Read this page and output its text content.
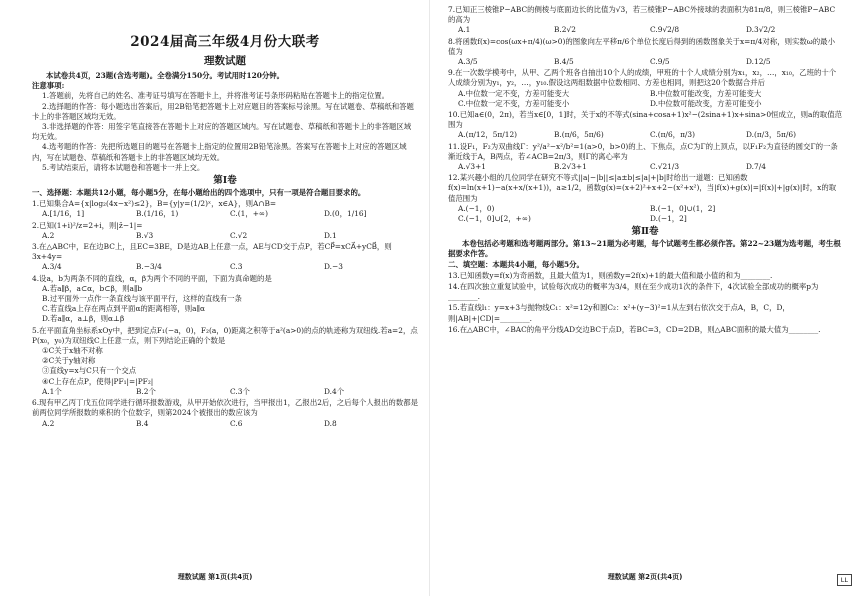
2024届高三年级4月份大联考
理数试题
本试卷共4页，23题(含选考题)。全卷满分150分。考试用时120分钟。
注意事项:
1.答题前，先将自己的姓名、准考证号填写在答题卡上，并将准考证号条形码粘贴在答题卡上的指定位置。
2.选择题的作答：每小题选出答案后，用2B铅笔把答题卡上对应题目的答案标号涂黑。写在试题卷、草稿纸和答题卡上的非答题区域均无效。
3.非选择题的作答：用签字笔直接答在答题卡上对应的答题区域内。写在试题卷、草稿纸和答题卡上的非答题区域均无效。
4.选考题的作答：先把所选题目的题号在答题卡上指定的位置用2B铅笔涂黑。答案写在答题卡上对应的答题区域内，写在试题卷、草稿纸和答题卡上的非答题区域均无效。
5.考试结束后，请将本试题卷和答题卡一并上交。
第Ⅰ卷
一、选择题：本题共12小题，每小题5分，在每小题给出的四个选项中，只有一项是符合题目要求的。
1.已知集合A={x|log₂(4x−x²)≤2}，B={y|y=(1/2)ˣ，x∈A}，则A∩B=
A.[1/16，1]	B.(1/16，1)	C.(1，+∞)	D.(0，1/16]
2.已知(1+i)²/z=2+i，则|z̄−1|=
A.2	B.√3	C.√2	D.1
3.在△ABC中，E在边BC上，且EC=3BE，D是边AB上任意一点，AE与CD交于点P，若CP⃗=xCA⃗+yCB⃗，则3x+4y=
A.3/4	B.−3/4	C.3	D.−3
4.设a，b为两条不同的直线，α，β为两个不同的平面，下面为真命题的是
A.若a∥β，a⊂α，b⊂β，则a∥b
B.过平面外一点作一条直线与该平面平行，这样的直线有一条
C.若直线a上存在两点到平面α的距离相等，则a∥α
D.若a∥α，a⊥β，则α⊥β
5.在平面直角坐标系xOy中，把到定点F₁(−a，0)，F₂(a，0)距离之积等于a²(a>0)的点的轨迹称为双纽线.若a=2，点P(x₀，y₀)为双纽线C上任意一点，则下列结论正确的个数是
①C关于x轴不对称
②C关于y轴对称
③直线y=x与C只有一个交点
④C上存在点P，使得|PF₁|=|PF₂|
A.1个	B.2个	C.3个	D.4个
6.现有甲乙丙丁戊五位同学进行循环报数游戏，从甲开始依次进行，当甲报出1，乙报出2后，之后每个人报出的数都是前两位同学所报数的乘积的个位数字，则第2024个被报出的数应该为
A.2	B.4	C.6	D.8
理数试题 第1页(共4页)
7.已知正三棱锥P−ABC的侧棱与底面边长的比值为√3，若三棱锥P−ABC外接球的表面积为81π/8，则三棱锥P−ABC的高为
A.1	B.2√2	C.9√2/8	D.3√2/2
8.将函数f(x)=cos(ωx+π/4)(ω>0)的图象向左平移π/6个单位长度后得到的函数图象关于x=π/4对称，则实数ω的最小值为
A.3/5	B.4/5	C.9/5	D.12/5
9.在一次数学模考中，从甲、乙两个班各自抽出10个人的成绩，甲班的十个人成绩分别为x₁，x₂，…，x₁₀，乙班的十个人成绩分别为y₁，y₂，…，y₁₀.假设这两组数据中位数相同、方差也相同，则把这20个数据合并后
A.中位数一定不变，方差可能变大	B.中位数可能改变，方差可能变大
C.中位数一定不变，方差可能变小	D.中位数可能改变，方差可能变小
10.已知a∈(0，2π)，若当x∈[0，1]时，关于x的不等式(sina+cosa+1)x²−(2sina+1)x+sina>0恒成立，则a的取值范围为
A.(π/12，5π/12)	B.(π/6，5π/6)	C.(π/6，π/3)	D.(π/3，5π/6)
11.设F₁，F₂为双曲线Γ：y²/a²−x²/b²=1(a>0，b>0)的上、下焦点，点C为Γ的上顶点，以F₁F₂为直径的圆交Γ的一条渐近线于A，B两点，若∠ACB=2π/3，则Γ的离心率为
A.√3+1	B.2√3+1	C.√21/3	D.7/4
12.某兴趣小组的几位同学在研究不等式||a|−|b||≤|a±b|≤|a|+|b|时给出一道题：已知函数f(x)=ln(x+1)−a(x+x/(x+1))，a≥1/2，函数g(x)=(x+2)²+x+2−(x²+x²)，当|f(x)+g(x)|=|f(x)|+|g(x)|时，x的取值范围为
A.(−1，0)	B.(−1，0]∪(1，2]
C.(−1，0]∪[2，+∞)	D.(−1，2]
第Ⅱ卷
本卷包括必考题和选考题两部分。第13~21题为必考题，每个试题考生都必须作答。第22~23题为选考题，考生根据要求作答。
二、填空题：本题共4小题，每小题5分。
13.已知函数y=f(x)为奇函数，且最大值为1，则函数y=2f(x)+1的最大值和最小值的和为________.
14.在四次独立重复试验中，试验每次成功的概率为3/4，则在至少成功1次的条件下，4次试验全部成功的概率p为________.
15.若直线l₁：y=x+3与抛物线C₁：x²=12y和圆C₂：x²+(y−3)²=1从左到右依次交于点A，B，C，D，则|AB|+|CD|=________.
16.在△ABC中，∠BAC的角平分线AD交边BC于点D，若BC=3，CD=2DB，则△ABC面积的最大值为________.
理数试题 第2页(共4页)	LL
